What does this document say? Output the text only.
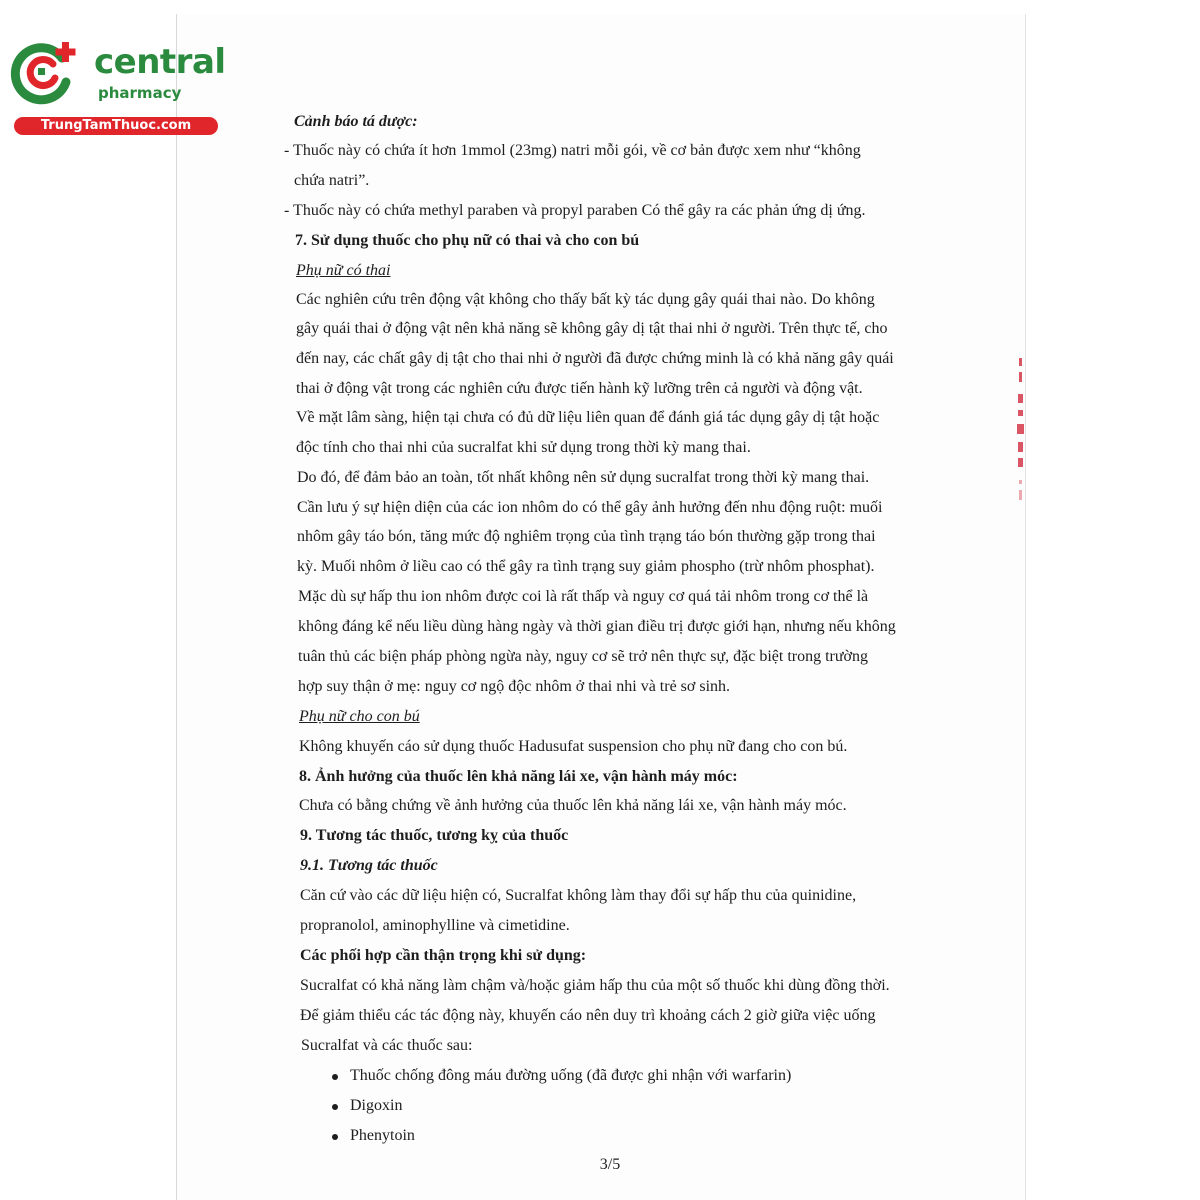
central
pharmacy
TrungTamThuoc.com	Cảnh báo tá dược:
- Thuốc này có chứa ít hơn 1mmol (23mg) natri mỗi gói, về cơ bản được xem như “không
chứa natri”.
- Thuốc này có chứa methyl paraben và propyl paraben Có thể gây ra các phản ứng dị ứng.
7. Sử dụng thuốc cho phụ nữ có thai và cho con bú
Phụ nữ có thai
Các nghiên cứu trên động vật không cho thấy bất kỳ tác dụng gây quái thai nào. Do không
gây quái thai ở động vật nên khả năng sẽ không gây dị tật thai nhi ở người. Trên thực tế, cho
đến nay, các chất gây dị tật cho thai nhi ở người đã được chứng minh là có khả năng gây quái
thai ở động vật trong các nghiên cứu được tiến hành kỹ lưỡng trên cả người và động vật.
Về mặt lâm sàng, hiện tại chưa có đủ dữ liệu liên quan để đánh giá tác dụng gây dị tật hoặc
độc tính cho thai nhi của sucralfat khi sử dụng trong thời kỳ mang thai.
Do đó, để đảm bảo an toàn, tốt nhất không nên sử dụng sucralfat trong thời kỳ mang thai.
Cần lưu ý sự hiện diện của các ion nhôm do có thể gây ảnh hưởng đến nhu động ruột: muối
nhôm gây táo bón, tăng mức độ nghiêm trọng của tình trạng táo bón thường gặp trong thai
kỳ. Muối nhôm ở liều cao có thể gây ra tình trạng suy giảm phospho (trừ nhôm phosphat).
Mặc dù sự hấp thu ion nhôm được coi là rất thấp và nguy cơ quá tải nhôm trong cơ thể là
không đáng kể nếu liều dùng hàng ngày và thời gian điều trị được giới hạn, nhưng nếu không
tuân thủ các biện pháp phòng ngừa này, nguy cơ sẽ trở nên thực sự, đặc biệt trong trường
hợp suy thận ở mẹ: nguy cơ ngộ độc nhôm ở thai nhi và trẻ sơ sinh.
Phụ nữ cho con bú
Không khuyến cáo sử dụng thuốc Hadusufat suspension cho phụ nữ đang cho con bú.
8. Ảnh hưởng của thuốc lên khả năng lái xe, vận hành máy móc:
Chưa có bằng chứng về ảnh hưởng của thuốc lên khả năng lái xe, vận hành máy móc.
9. Tương tác thuốc, tương kỵ của thuốc
9.1. Tương tác thuốc
Căn cứ vào các dữ liệu hiện có, Sucralfat không làm thay đổi sự hấp thu của quinidine,
propranolol, aminophylline và cimetidine.
Các phối hợp cần thận trọng khi sử dụng:
Sucralfat có khả năng làm chậm và/hoặc giảm hấp thu của một số thuốc khi dùng đồng thời.
Để giảm thiểu các tác động này, khuyến cáo nên duy trì khoảng cách 2 giờ giữa việc uống
Sucralfat và các thuốc sau:
Thuốc chống đông máu đường uống (đã được ghi nhận với warfarin)
Digoxin
Phenytoin
3/5
